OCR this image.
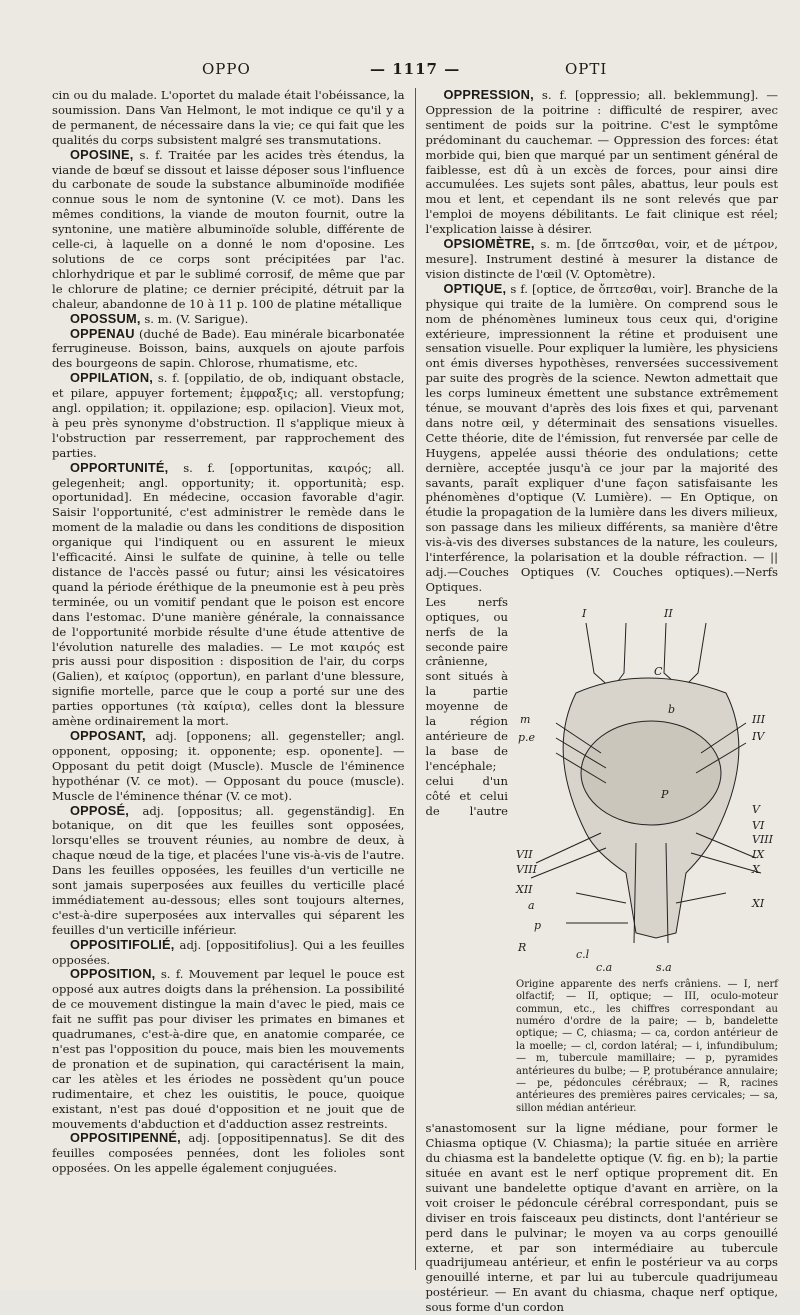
OPPO	— 1117 —	OPTI

cin ou du malade. L'oportet du malade était l'obéissance, la soumission. Dans Van Helmont, le mot indique ce qu'il y a de permanent, de nécessaire dans la vie; ce qui fait que les qualités du corps subsistent malgré ses transmutations.

OPOSINE, s. f. Traitée par les acides très étendus, la viande de bœuf se dissout et laisse déposer sous l'influence du carbonate de soude la substance albuminoïde modifiée connue sous le nom de syntonine (V. ce mot). Dans les mêmes conditions, la viande de mouton fournit, outre la syntonine, une matière albuminoïde soluble, différente de celle-ci, à laquelle on a donné le nom d'oposine. Les solutions de ce corps sont précipitées par l'ac. chlorhydrique et par le sublimé corrosif, de même que par le chlorure de platine; ce dernier précipité, détruit par la chaleur, abandonne de 10 à 11 p. 100 de platine métallique

OPOSSUM, s. m. (V. Sarigue).

OPPENAU (duché de Bade). Eau minérale bicarbonatée ferrugineuse. Boisson, bains, auxquels on ajoute parfois des bourgeons de sapin. Chlorose, rhumatisme, etc.

OPPILATION, s. f. [oppilatio, de ob, indiquant obstacle, et pilare, appuyer fortement; ἐμφραξις; all. verstopfung; angl. oppilation; it. oppilazione; esp. opilacion]. Vieux mot, à peu près synonyme d'obstruction. Il s'applique mieux à l'obstruction par resserrement, par rapprochement des parties.

OPPORTUNITÉ, s. f. [opportunitas, καιρός; all. gelegenheit; angl. opportunity; it. opportunità; esp. oportunidad]. En médecine, occasion favorable d'agir. Saisir l'opportunité, c'est administrer le remède dans le moment de la maladie ou dans les conditions de disposition organique qui l'indiquent ou en assurent le mieux l'efficacité. Ainsi le sulfate de quinine, à telle ou telle distance de l'accès passé ou futur; ainsi les vésicatoires quand la période éréthique de la pneumonie est à peu près terminée, ou un vomitif pendant que le poison est encore dans l'estomac. D'une manière générale, la connaissance de l'opportunité morbide résulte d'une étude attentive de l'évolution naturelle des maladies. — Le mot καιρός est pris aussi pour disposition : disposition de l'air, du corps (Galien), et καίριος (opportun), en parlant d'une blessure, signifie mortelle, parce que le coup a porté sur une des parties opportunes (τὰ καίρια), celles dont la blessure amène ordinairement la mort.

OPPOSANT, adj. [opponens; all. gegensteller; angl. opponent, opposing; it. opponente; esp. oponente]. — Opposant du petit doigt (Muscle). Muscle de l'éminence hypothénar (V. ce mot). — Opposant du pouce (muscle). Muscle de l'éminence thénar (V. ce mot).

OPPOSÉ, adj. [oppositus; all. gegenständig]. En botanique, on dit que les feuilles sont opposées, lorsqu'elles se trouvent réunies, au nombre de deux, à chaque nœud de la tige, et placées l'une vis-à-vis de l'autre. Dans les feuilles opposées, les feuilles d'un verticille ne sont jamais superposées aux feuilles du verticille placé immédiatement au-dessous; elles sont toujours alternes, c'est-à-dire superposées aux intervalles qui séparent les feuilles d'un verticille inférieur.

OPPOSITIFOLIÉ, adj. [oppositifolius]. Qui a les feuilles opposées.

OPPOSITION, s. f. Mouvement par lequel le pouce est opposé aux autres doigts dans la préhension. La possibilité de ce mouvement distingue la main d'avec le pied, mais ce fait ne suffit pas pour diviser les primates en bimanes et quadrumanes, c'est-à-dire que, en anatomie comparée, ce n'est pas l'opposition du pouce, mais bien les mouvements de pronation et de supination, qui caractérisent la main, car les atèles et les ériodes ne possèdent qu'un pouce rudimentaire, et chez les ouistitis, le pouce, quoique existant, n'est pas doué d'opposition et ne jouit que de mouvements d'abduction et d'adduction assez restreints.

OPPOSITIPENNÉ, adj. [oppositipennatus]. Se dit des feuilles composées pennées, dont les folioles sont opposées. On les appelle également conjuguées.

OPPRESSION, s. f. [oppressio; all. beklemmung]. — Oppression de la poitrine : difficulté de respirer, avec sentiment de poids sur la poitrine. C'est le symptôme prédominant du cauchemar. — Oppression des forces: état morbide qui, bien que marqué par un sentiment général de faiblesse, est dû à un excès de forces, pour ainsi dire accumulées. Les sujets sont pâles, abattus, leur pouls est mou et lent, et cependant ils ne sont relevés que par l'emploi de moyens débilitants. Le fait clinique est réel; l'explication laisse à désirer.

OPSIOMÈTRE, s. m. [de ὄπτεσθαι, voir, et de μέτρον, mesure]. Instrument destiné à mesurer la distance de vision distincte de l'œil (V. Optomètre).

OPTIQUE, s f. [optice, de ὄπτεσθαι, voir]. Branche de la physique qui traite de la lumière. On comprend sous le nom de phénomènes lumineux tous ceux qui, d'origine extérieure, impressionnent la rétine et produisent une sensation visuelle. Pour expliquer la lumière, les physiciens ont émis diverses hypothèses, renversées successivement par suite des progrès de la science. Newton admettait que les corps lumineux émettent une substance extrêmement ténue, se mouvant d'après des lois fixes et qui, parvenant dans notre œil, y déterminait des sensations visuelles. Cette théorie, dite de l'émission, fut renversée par celle de Huygens, appelée aussi théorie des ondulations; cette dernière, acceptée jusqu'à ce jour par la majorité des savants, paraît expliquer d'une façon satisfaisante les phénomènes d'optique (V. Lumière). — En Optique, on étudie la propagation de la lumière dans les divers milieux, son passage dans les milieux différents, sa manière d'être vis-à-vis des diverses substances de la nature, les couleurs, l'interférence, la polarisation et la double réfraction. — || adj.—Couches Optiques (V. Couches optiques).—Nerfs Optiques.

I	II
C
b
m
p.e
III
IV
P
V
VI
VII
VIII
IX
X
XII
a
p
R
c.l
XI
c.a	s.a
VIII
Origine apparente des nerfs crâniens. — I, nerf olfactif; — II, optique; — III, oculo-moteur commun, etc., les chiffres correspondant au numéro d'ordre de la paire; — b, bandelette optique; — C, chiasma; — ca, cordon antérieur de la moelle; — cl, cordon latéral; — i, infundibulum; — m, tubercule mamillaire; — p, pyramides antérieures du bulbe; — P, protubérance annulaire; — pe, pédoncules cérébraux; — R, racines antérieures des premières paires cervicales; — sa, sillon médian antérieur.

Les nerfs optiques, ou nerfs de la seconde paire crânienne, sont situés à la partie moyenne de la région antérieure de la base de l'encéphale; celui d'un côté et celui de l'autre s'anastomosent sur la ligne médiane, pour former le Chiasma optique (V. Chiasma); la partie située en arrière du chiasma est la bandelette optique (V. fig. en b); la partie située en avant est le nerf optique proprement dit. En suivant une bandelette optique d'avant en arrière, on la voit croiser le pédoncule cérébral correspondant, puis se diviser en trois faisceaux peu distincts, dont l'antérieur se perd dans le pulvinar; le moyen va au corps genouillé externe, et par son intermédiaire au tubercule quadrijumeau antérieur, et enfin le postérieur va au corps genouillé interne, et par lui au tubercule quadrijumeau postérieur. — En avant du chiasma, chaque nerf optique, sous forme d'un cordon
